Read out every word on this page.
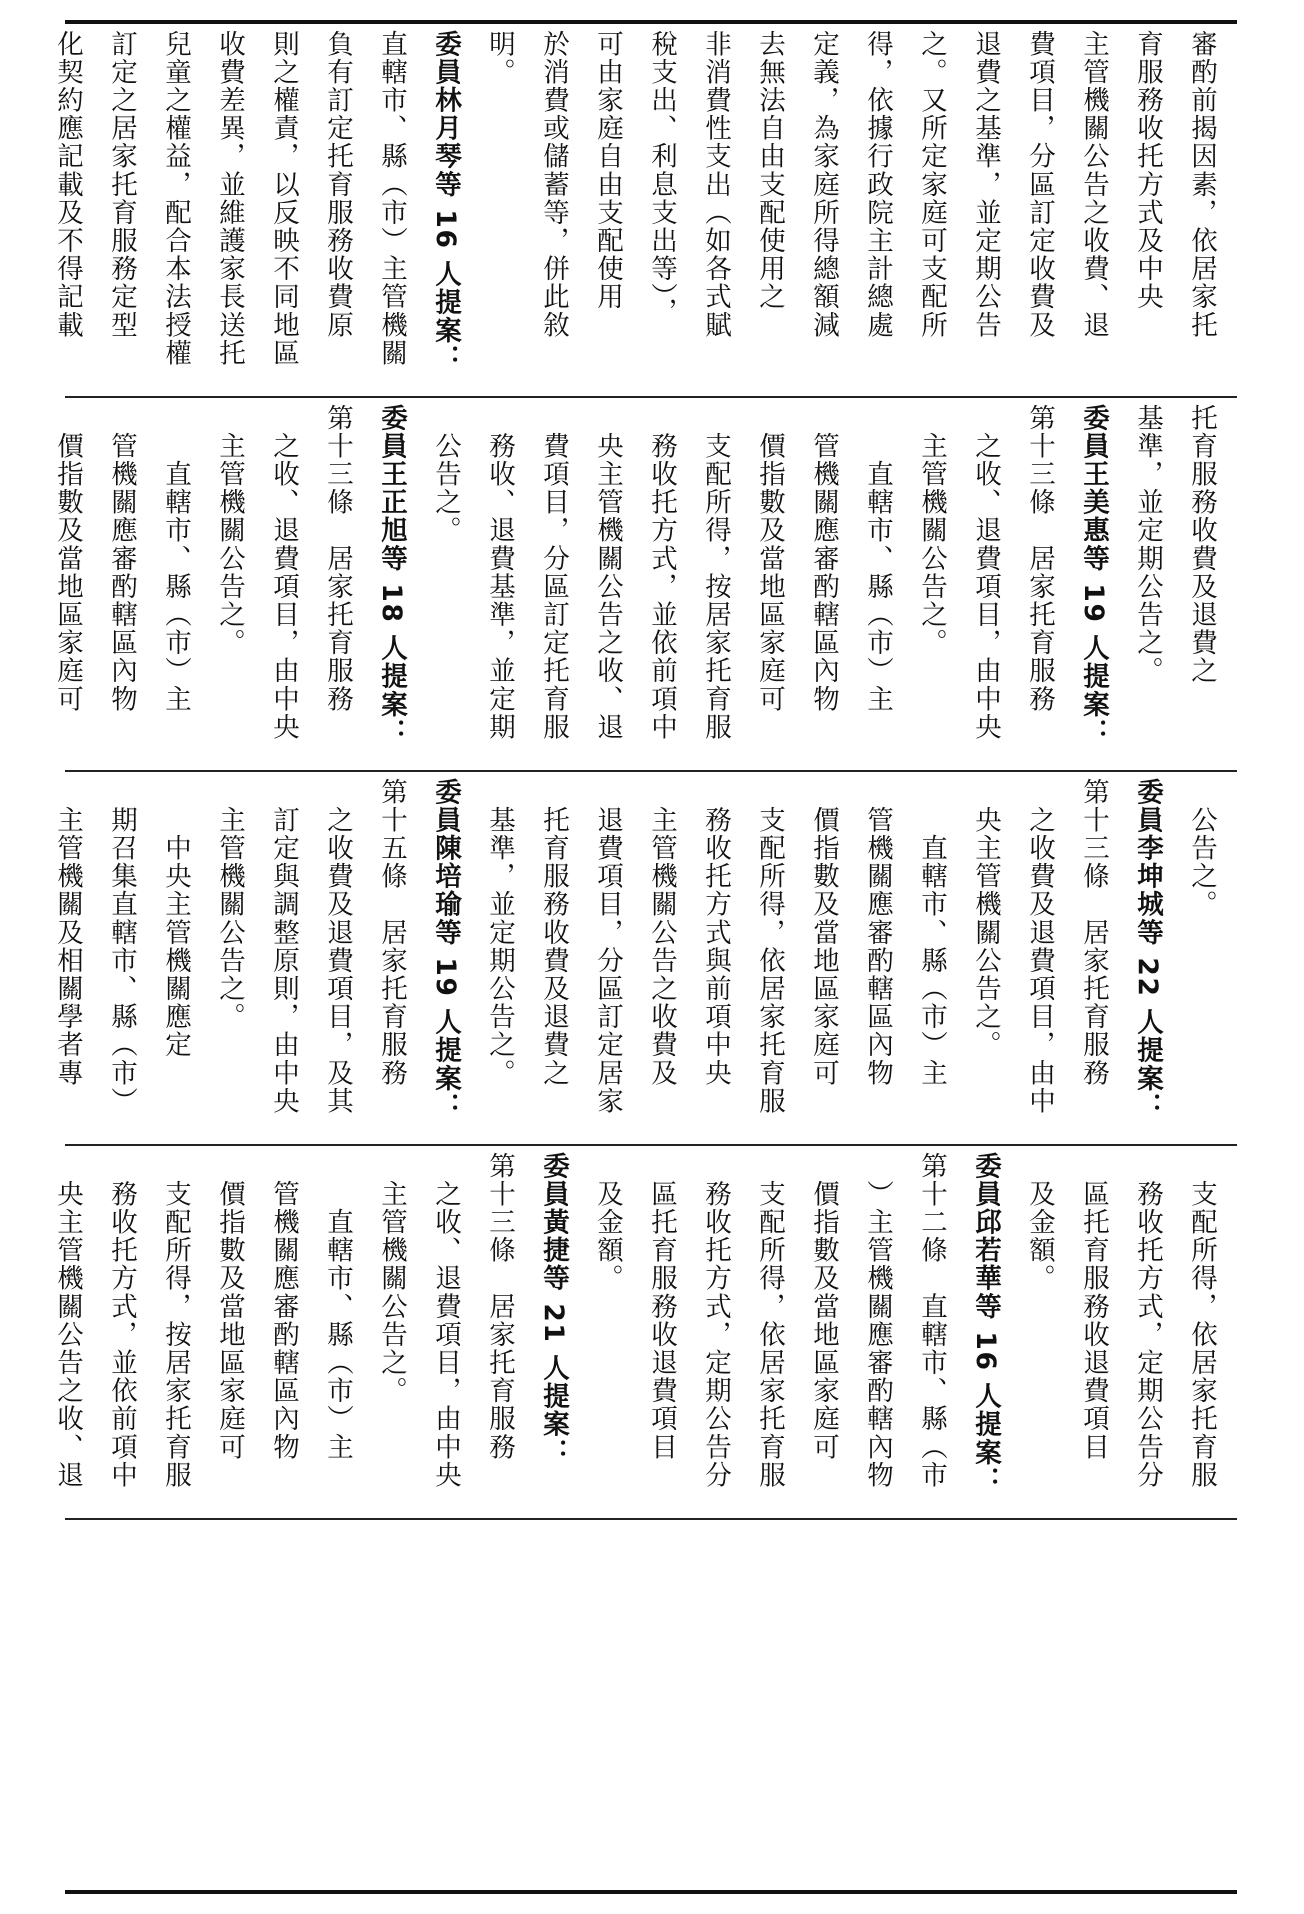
審酌前揭因素，依居家托
育服務收托方式及中央
主管機關公告之收費、退
費項目，分區訂定收費及
退費之基準，並定期公告
之。又所定家庭可支配所
得，依據行政院主計總處
定義，為家庭所得總額減
去無法自由支配使用之
非消費性支出（如各式賦
稅支出、利息支出等），
可由家庭自由支配使用
於消費或儲蓄等，併此敘
明。
委員林月琴等 16 人提案：
直轄市、縣（市）主管機關
負有訂定托育服務收費原
則之權責，以反映不同地區
收費差異，並維護家長送托
兒童之權益，配合本法授權
訂定之居家托育服務定型
化契約應記載及不得記載
托育服務收費及退費之
基準，並定期公告之。
委員王美惠等 19 人提案：
第十三條　居家托育服務
　之收、退費項目，由中央
　主管機關公告之。
　　直轄市、縣（市）主
　管機關應審酌轄區內物
　價指數及當地區家庭可
　支配所得，按居家托育服
　務收托方式，並依前項中
　央主管機關公告之收、退
　費項目，分區訂定托育服
　務收、退費基準，並定期
　公告之。
委員王正旭等 18 人提案：
第十三條　居家托育服務
　之收、退費項目，由中央
　主管機關公告之。
　　直轄市、縣（市）主
　管機關應審酌轄區內物
　價指數及當地區家庭可
　公告之。
委員李坤城等 22 人提案：
第十三條　居家托育服務
　之收費及退費項目，由中
　央主管機關公告之。
　　直轄市、縣（市）主
　管機關應審酌轄區內物
　價指數及當地區家庭可
　支配所得，依居家托育服
　務收托方式與前項中央
　主管機關公告之收費及
　退費項目，分區訂定居家
　托育服務收費及退費之
　基準，並定期公告之。
委員陳培瑜等 19 人提案：
第十五條　居家托育服務
　之收費及退費項目，及其
　訂定與調整原則，由中央
　主管機關公告之。
　　中央主管機關應定
　期召集直轄市、縣（市）
　主管機關及相關學者專
　支配所得，依居家托育服
　務收托方式，定期公告分
　區托育服務收退費項目
　及金額。
委員邱若華等 16 人提案：
第十二條　直轄市、縣（市
　）主管機關應審酌轄內物
　價指數及當地區家庭可
　支配所得，依居家托育服
　務收托方式，定期公告分
　區托育服務收退費項目
　及金額。
委員黃捷等 21 人提案：
第十三條　居家托育服務
　之收、退費項目，由中央
　主管機關公告之。
　　直轄市、縣（市）主
　管機關應審酌轄區內物
　價指數及當地區家庭可
　支配所得，按居家托育服
　務收托方式，並依前項中
　央主管機關公告之收、退
